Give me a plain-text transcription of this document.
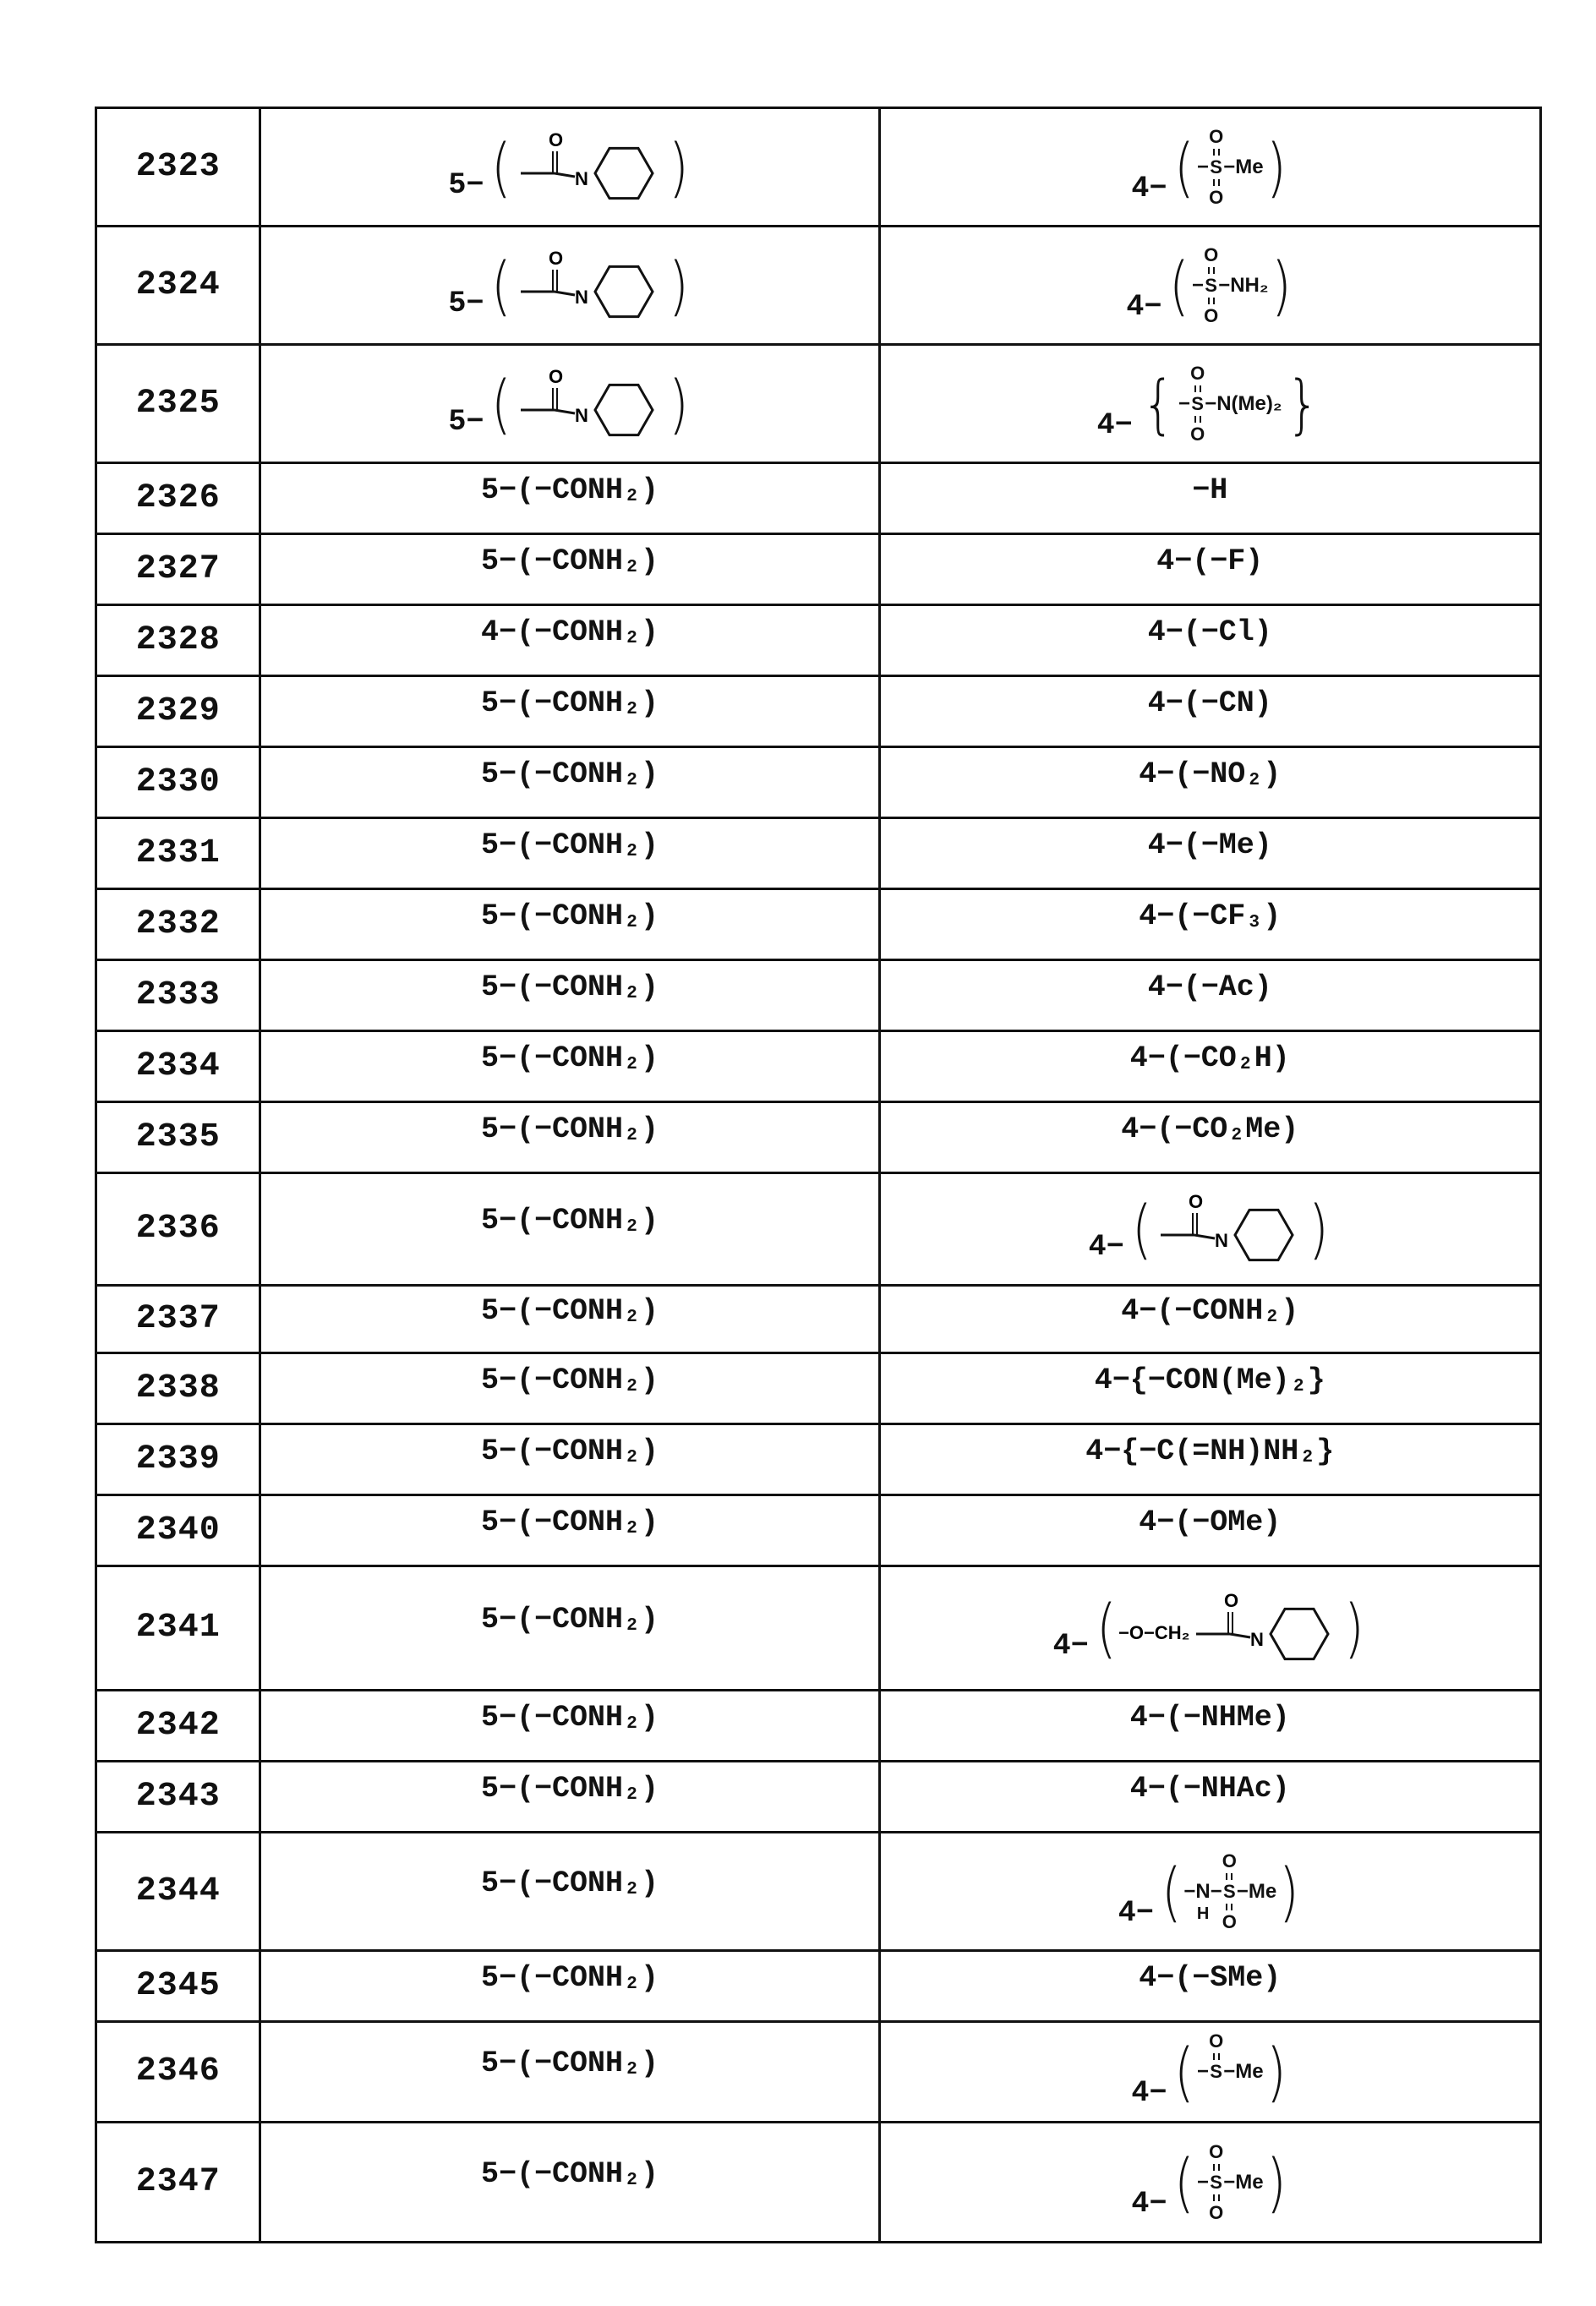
2323	5− ( O
N )	4− ( −
O
S
O
−Me )

2324	5− ( O
N )	4− ( −
O
S
O
−NH₂ )

2325	5− ( O
N )	4− { −
O
S
O
−N(Me)₂ }

2326	5−(−CONH₂)	−H

2327	5−(−CONH₂)	4−(−F)

2328	4−(−CONH₂)	4−(−Cl)

2329	5−(−CONH₂)	4−(−CN)

2330	5−(−CONH₂)	4−(−NO₂)

2331	5−(−CONH₂)	4−(−Me)

2332	5−(−CONH₂)	4−(−CF₃)

2333	5−(−CONH₂)	4−(−Ac)

2334	5−(−CONH₂)	4−(−CO₂H)

2335	5−(−CONH₂)	4−(−CO₂Me)

2336	5−(−CONH₂)

4− ( O
N )

2337	5−(−CONH₂)	4−(−CONH₂)

2338	5−(−CONH₂)	4−{−CON(Me)₂}

2339	5−(−CONH₂)	4−{−C(=NH)NH₂}

2340	5−(−CONH₂)	4−(−OMe)

2341	5−(−CONH₂)

4− ( −O−CH₂
O
N )

2342	5−(−CONH₂)	4−(−NHMe)

2343	5−(−CONH₂)	4−(−NHAc)

2344	5−(−CONH₂)

4− ( −N−
H
O
S
O
−Me )

2345	5−(−CONH₂)	4−(−SMe)

2346	5−(−CONH₂)

4− ( −
O
S −Me )

2347	5−(−CONH₂)

4− ( −
O
S
O
−Me )
